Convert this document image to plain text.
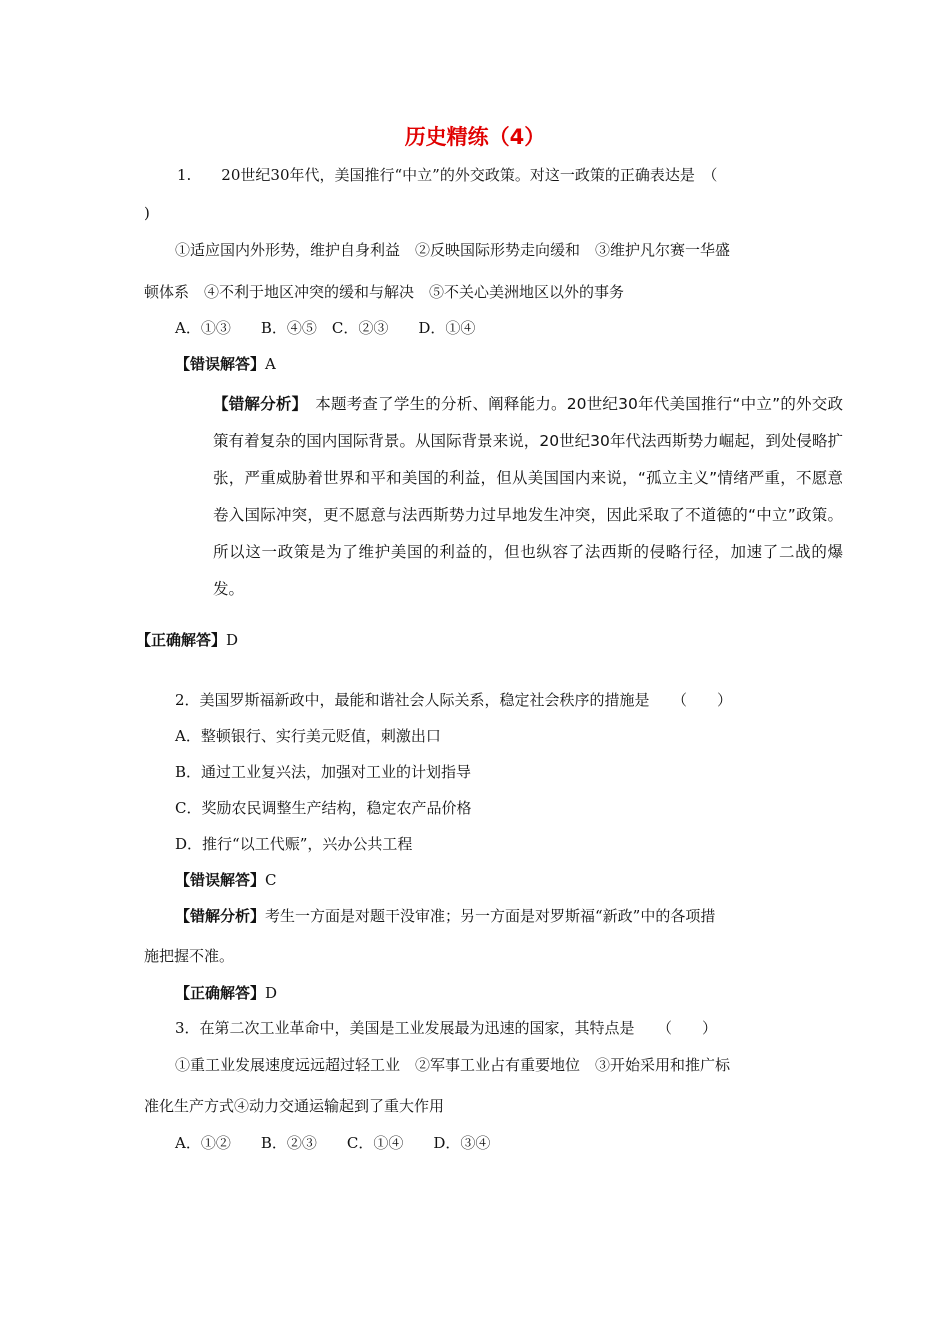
历史精练（4）
1.　　20世纪30年代，美国推行“中立”的外交政策。对这一政策的正确表达是　（
)
①适应国内外形势，维护自身利益　②反映国际形势走向缓和　③维护凡尔赛一华盛
顿体系　④不利于地区冲突的缓和与解决　⑤不关心美洲地区以外的事务
A．①③　　B．④⑤　C．②③　　D．①④
【错误解答】A
【错解分析】　 本题考查了学生的分析、阐释能力。20世纪30年代美国推行“中立”的外交政策有着复杂的国内国际背景。从国际背景来说，20世纪30年代法西斯势力崛起，到处侵略扩张，严重威胁着世界和平和美国的利益，但从美国国内来说，“孤立主义”情绪严重，不愿意卷入国际冲突，更不愿意与法西斯势力过早地发生冲突，因此采取了不道德的“中立”政策。所以这一政策是为了维护美国的利益的，但也纵容了法西斯的侵略行径，加速了二战的爆发。
【正确解答】D
2．美国罗斯福新政中，最能和谐社会人际关系，稳定社会秩序的措施是　　（　　）
A．整顿银行、实行美元贬值，刺激出口
B．通过工业复兴法，加强对工业的计划指导
C．奖励农民调整生产结构，稳定农产品价格
D．推行“以工代赈”，兴办公共工程
【错误解答】C
【错解分析】考生一方面是对题干没审准；另一方面是对罗斯福“新政”中的各项措
施把握不准。
【正确解答】D
3．在第二次工业革命中，美国是工业发展最为迅速的国家，其特点是　　（　　）
①重工业发展速度远远超过轻工业　②军事工业占有重要地位　③开始采用和推广标
准化生产方式④动力交通运输起到了重大作用
A．①②　　B．②③　　C．①④　　D．③④
